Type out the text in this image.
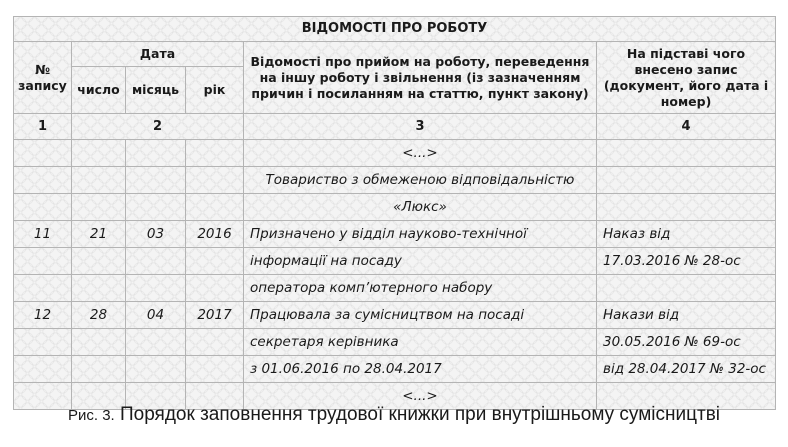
ВІДОМОСТІ ПРО РОБОТУ					
№ запису	Дата			Відомості про прийом на роботу, переведення на іншу роботу і звільнення (із зазначенням причин і посиланням на статтю, пункт закону)	На підставі чого внесено запис (документ, його дата і номер)
	число	місяць	рік		
1	2			3	4
				<...>	
				Товариство з обмеженою відповідальністю	
				«Люкс»	
11	21	03	2016	Призначено у відділ науково-технічної	Наказ від
				інформації на посаду	17.03.2016 № 28-ос
				оператора комп’ютерного набору	
12	28	04	2017	Працювала за сумісництвом на посаді	Накази від
				секретаря керівника	30.05.2016 № 69-ос
				з 01.06.2016 по 28.04.2017	від 28.04.2017 № 32-ос
				<...>	
Рис. 3. Порядок заповнення трудової книжки при внутрішньому сумісництві
